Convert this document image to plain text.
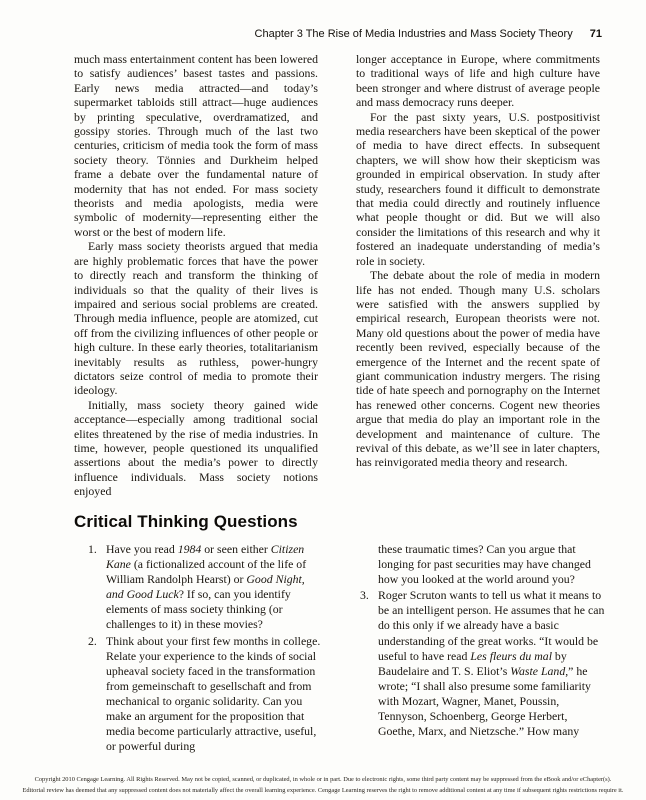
Chapter 3 The Rise of Media Industries and Mass Society Theory 71

much mass entertainment content has been lowered to satisfy audiences’ basest tastes and passions. Early news media attracted—and today’s supermarket tabloids still attract—huge audiences by printing speculative, overdramatized, and gossipy stories. Through much of the last two centuries, criticism of media took the form of mass society theory. Tönnies and Durkheim helped frame a debate over the fundamental nature of modernity that has not ended. For mass society theorists and media apologists, media were symbolic of modernity—representing either the worst or the best of modern life.

Early mass society theorists argued that media are highly problematic forces that have the power to directly reach and transform the thinking of individuals so that the quality of their lives is impaired and serious social problems are created. Through media influence, people are atomized, cut off from the civilizing influences of other people or high culture. In these early theories, totalitarianism inevitably results as ruthless, power-hungry dictators seize control of media to promote their ideology.

Initially, mass society theory gained wide acceptance—especially among traditional social elites threatened by the rise of media industries. In time, however, people questioned its unqualified assertions about the media’s power to directly influence individuals. Mass society notions enjoyed

longer acceptance in Europe, where commitments to traditional ways of life and high culture have been stronger and where distrust of average people and mass democracy runs deeper.

For the past sixty years, U.S. postpositivist media researchers have been skeptical of the power of media to have direct effects. In subsequent chapters, we will show how their skepticism was grounded in empirical observation. In study after study, researchers found it difficult to demonstrate that media could directly and routinely influence what people thought or did. But we will also consider the limitations of this research and why it fostered an inadequate understanding of media’s role in society.

The debate about the role of media in modern life has not ended. Though many U.S. scholars were satisfied with the answers supplied by empirical research, European theorists were not. Many old questions about the power of media have recently been revived, especially because of the emergence of the Internet and the recent spate of giant communication industry mergers. The rising tide of hate speech and pornography on the Internet has renewed other concerns. Cogent new theories argue that media do play an important role in the development and maintenance of culture. The revival of this debate, as we’ll see in later chapters, has reinvigorated media theory and research.

Critical Thinking Questions
1. Have you read 1984 or seen either Citizen Kane (a fictionalized account of the life of William Randolph Hearst) or Good Night, and Good Luck? If so, can you identify elements of mass society thinking (or challenges to it) in these movies?
2. Think about your first few months in college. Relate your experience to the kinds of social upheaval society faced in the transformation from gemeinschaft to gesellschaft and from mechanical to organic solidarity. Can you make an argument for the proposition that media become particularly attractive, useful, or powerful during
these traumatic times? Can you argue that longing for past securities may have changed how you looked at the world around you?
3. Roger Scruton wants to tell us what it means to be an intelligent person. He assumes that he can do this only if we already have a basic understanding of the great works. “It would be useful to have read Les fleurs du mal by Baudelaire and T. S. Eliot’s Waste Land,” he wrote; “I shall also presume some familiarity with Mozart, Wagner, Manet, Poussin, Tennyson, Schoenberg, George Herbert, Goethe, Marx, and Nietzsche.” How many
Copyright 2010 Cengage Learning. All Rights Reserved. May not be copied, scanned, or duplicated, in whole or in part. Due to electronic rights, some third party content may be suppressed from the eBook and/or eChapter(s).
Editorial review has deemed that any suppressed content does not materially affect the overall learning experience. Cengage Learning reserves the right to remove additional content at any time if subsequent rights restrictions require it.
